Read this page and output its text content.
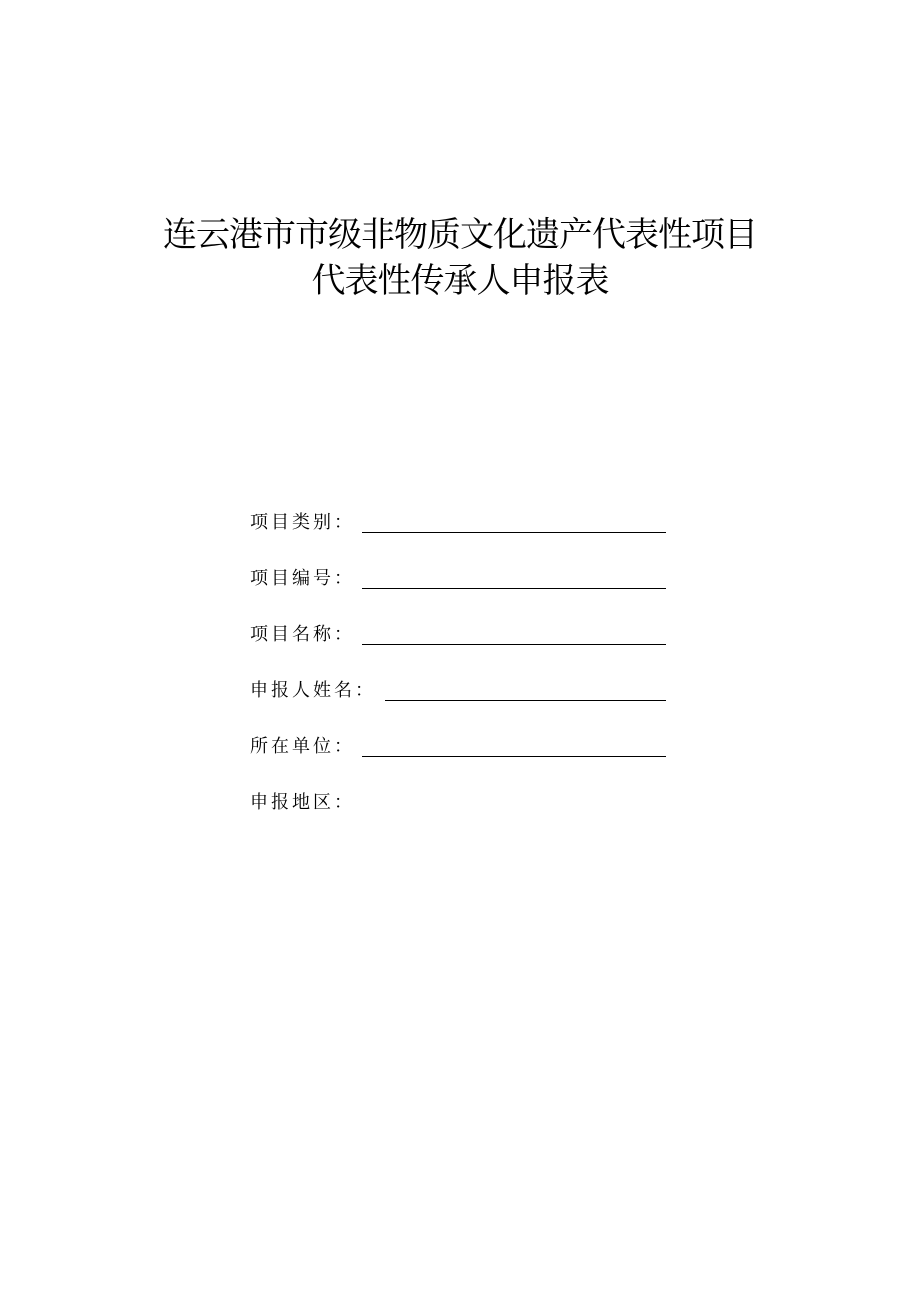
连云港市市级非物质文化遗产代表性项目
代表性传承人申报表
项目类别：
项目编号：
项目名称：
申报人姓名：
所在单位：
申报地区：
